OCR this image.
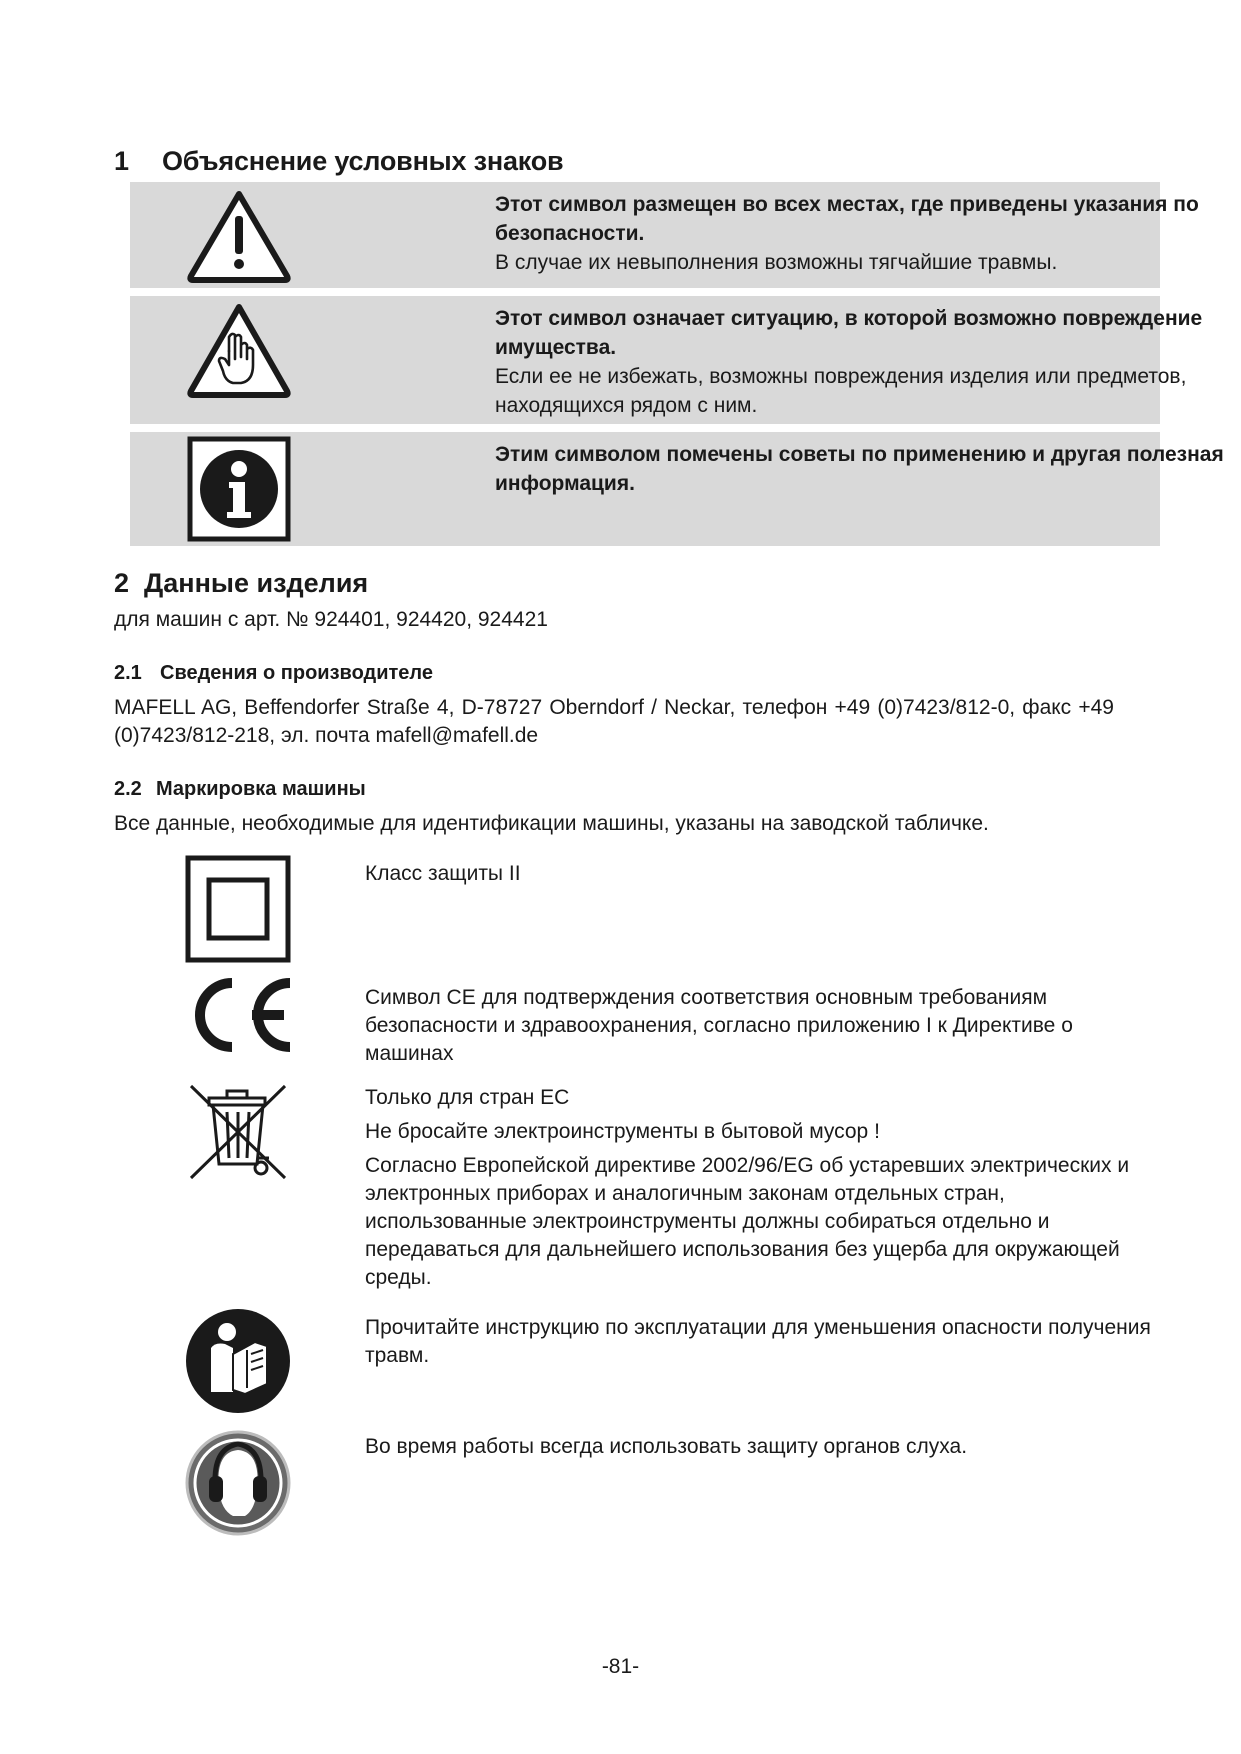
1 Объяснение условных знаков

Этот символ размещен во всех местах, где приведены указания по безопасности.

В случае их невыполнения возможны тягчайшие травмы.

Этот символ означает ситуацию, в которой возможно повреждение имущества.

Если ее не избежать, возможны повреждения изделия или предметов, находящихся рядом с ним.

Этим символом помечены советы по применению и другая полезная информация.

2 Данные изделия
для машин с арт. № 924401, 924420, 924421
2.1 Сведения о производителе
MAFELL AG, Beffendorfer Straße 4, D-78727 Oberndorf / Neckar, телефон +49 (0)7423/812-0, факс +49 (0)7423/812-218, эл. почта mafell@mafell.de
2.2 Маркировка машины
Все данные, необходимые для идентификации машины, указаны на заводской табличке.

Класс защиты II

Символ CE для подтверждения соответствия основным требованиям безопасности и здравоохранения, согласно приложению I к Директиве о машинах

Только для стран ЕС

Не бросайте электроинструменты в бытовой мусор !

Согласно Европейской директиве 2002/96/EG об устаревших электрических и электронных приборах и аналогичным законам отдельных стран, использованные электроинструменты должны собираться отдельно и передаваться для дальнейшего использования без ущерба для окружающей среды.

Прочитайте инструкцию по эксплуатации для уменьшения опасности получения травм.

Во время работы всегда использовать защиту органов слуха.

-81-
